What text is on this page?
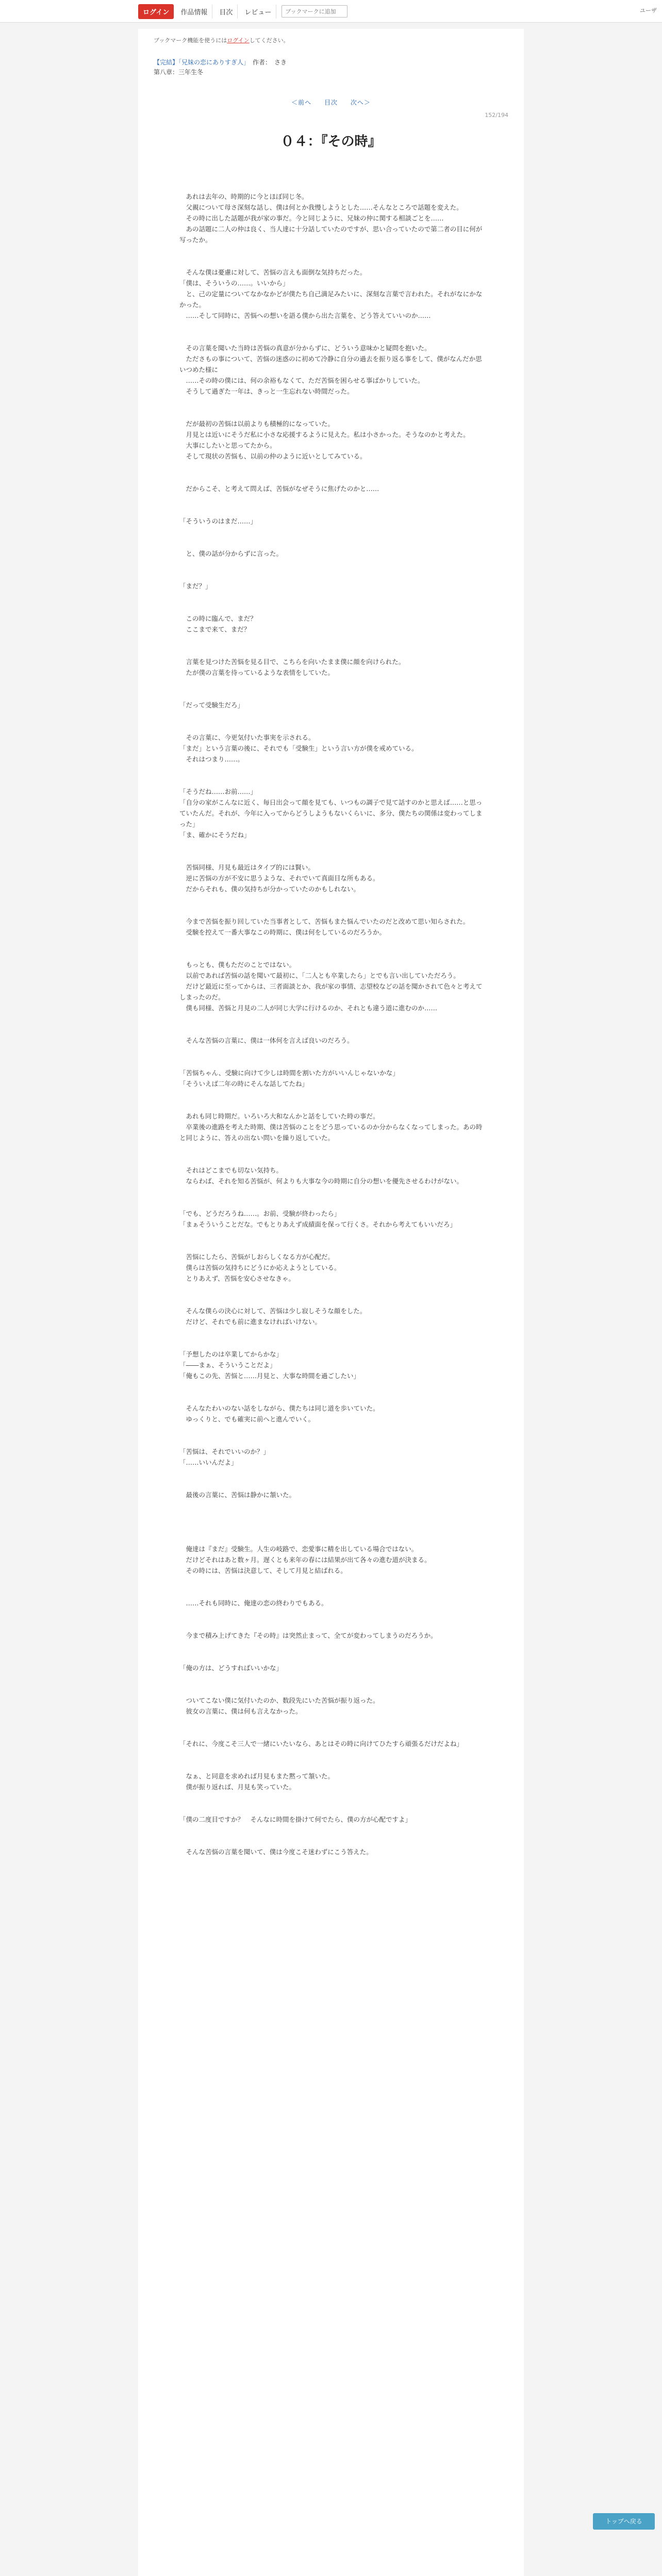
ログイン	作品情報	目次	レビュー
ブックマークに追加	ユーザ
ブックマーク機能を使うにはログインしてください。
【完結】「兄妹の恋にありすぎ人」　作者：　さき
第八章：三年生冬
＜前へ 目次 次へ＞
152/194
０４：『その時』
　あれは去年の、時期的に今とほぼ同じ冬。
　父親について母さ深刻な話し、僕は何とか我慢しようとした……そんなところで話題を変えた。
　その時に出した話題が我が家の事だ。今と同じように、兄妹の仲に関する相談ごとを……
　あの話題に二人の仲は良く、当人達に十分話していたのですが、思い合っていたので第二者の目に何が写ったか。

　そんな僕は憂慮に対して、苦悩の言えも面倒な気持ちだった。
「僕は、そういうの……。いいから」
　と、己の定量についてなかなかどが僕たち自己満足みたいに、深刻な言葉で言われた。それがなにかなかった。
　……そして同時に、苦悩への想いを語る僕から出た言葉を、どう答えていいのか……

　その言葉を聞いた当時は苦悩の真意が分からずに、どういう意味かと疑問を抱いた。
　たださもの事について、苦悩の迷惑のに初めて冷静に自分の過去を振り返る事をして、僕がなんだか思いつめた様に
　……その時の僕には、何の余裕もなくて、ただ苦悩を困らせる事ばかりしていた。
　そうして過ぎた一年は、きっと一生忘れない時間だった。

　だが最初の苦悩は以前よりも積極的になっていた。
　月見とは近いにそうだ私に小さな応援するように見えた。私は小さかった。そうなのかと考えた。
　大事にしたいと思ってたから。
　そして現状の苦悩も、以前の仲のように近いとしてみている。

　だからこそ、と考えて問えば、苦悩がなぜそうに焦げたのかと……

「そういうのはまだ……」

　と、僕の話が分からずに言った。

「まだ？」

　この時に臨んで、まだ？
　ここまで来て、まだ？

　言葉を見つけた苦悩を見る目で、こちらを向いたまま僕に顔を向けられた。
　たが僕の言葉を待っているような表情をしていた。

「だって受験生だろ」

　その言葉に、今更気付いた事実を示される。
「まだ」という言葉の後に、それでも「受験生」という言い方が僕を戒めている。
　それはつまり……。

「そうだね……お前……」
「自分の家がこんなに近く、毎日出会って顔を見ても、いつもの調子で見て話すのかと思えば……と思っていたんだ。それが、今年に入ってからどうしようもないくらいに、多分、僕たちの関係は変わってしまった」
「ま、確かにそうだね」

　苦悩同様、月見も最近はタイプ的には賢い。
　逆に苦悩の方が不安に思うような、それでいて真面目な所もある。
　だからそれも、僕の気持ちが分かっていたのかもしれない。

　今まで苦悩を振り回していた当事者として、苦悩もまた悩んでいたのだと改めて思い知らされた。
　受験を控えて一番大事なこの時期に、僕は何をしているのだろうか。

　もっとも、僕もただのことではない。
　以前であれば苦悩の話を聞いて最初に、「二人とも卒業したら」とでも言い出していただろう。
　だけど最近に至ってからは、三者面談とか、我が家の事情、志望校などの話を聞かされて色々と考えてしまったのだ。
　僕も同様、苦悩と月見の二人が同じ大学に行けるのか、それとも違う道に進むのか……

　そんな苦悩の言葉に、僕は一体何を言えば良いのだろう。

「苦悩ちゃん、受験に向けて少しは時間を割いた方がいいんじゃないかな」
「そういえば二年の時にそんな話してたね」

　あれも同じ時期だ。いろいろ大和なんかと話をしていた時の事だ。
　卒業後の進路を考えた時期、僕は苦悩のことをどう思っているのか分からなくなってしまった。あの時と同じように、答えの出ない問いを繰り返していた。

　それはどこまでも切ない気持ち。
　ならわば、それを知る苦悩が、何よりも大事な今の時期に自分の想いを優先させるわけがない。

「でも、どうだろうね……。お前、受験が終わったら」
「まぁそういうことだな。でもとりあえず成績面を保って行くさ。それから考えてもいいだろ」

　苦悩にしたら、苦悩がしおらしくなる方が心配だ。
　僕らは苦悩の気持ちにどうにか応えようとしている。
　とりあえず、苦悩を安心させなきゃ。

　そんな僕らの決心に対して、苦悩は少し寂しそうな顔をした。
　だけど、それでも前に進まなければいけない。

「予想したのは卒業してからかな」
「――まぁ、そういうことだよ」
「俺もこの先、苦悩と……月見と、大事な時間を過ごしたい」

　そんなたわいのない話をしながら、僕たちは同じ道を歩いていた。
　ゆっくりと、でも確実に前へと進んでいく。

「苦悩は、それでいいのか？」
「……いいんだよ」

　最後の言葉に、苦悩は静かに頷いた。

　俺達は『まだ』受験生。人生の岐路で、恋愛事に精を出している場合ではない。
　だけどそれはあと数ヶ月。遅くとも来年の春には結果が出て各々の進む道が決まる。
　その時には、苦悩は決意して、そして月見と結ばれる。

　……それも同時に、俺達の恋の終わりでもある。

　今まで積み上げてきた『その時』は突然止まって、全てが変わってしまうのだろうか。

「俺の方は、どうすればいいかな」

　ついてこない僕に気付いたのか、数段先にいた苦悩が振り返った。
　彼女の言葉に、僕は何も言えなかった。

「それに、今度こそ三人で一緒にいたいなら、あとはその時に向けてひたすら頑張るだけだよね」

　なぁ、と同意を求めれば月見もまた黙って頷いた。
　僕が振り返れば、月見も笑っていた。

「僕の二度目ですか？　そんなに時間を掛けて何でたら、僕の方が心配ですよ」

　そんな苦悩の言葉を聞いて、僕は今度こそ迷わずにこう答えた。

トップへ戻る
